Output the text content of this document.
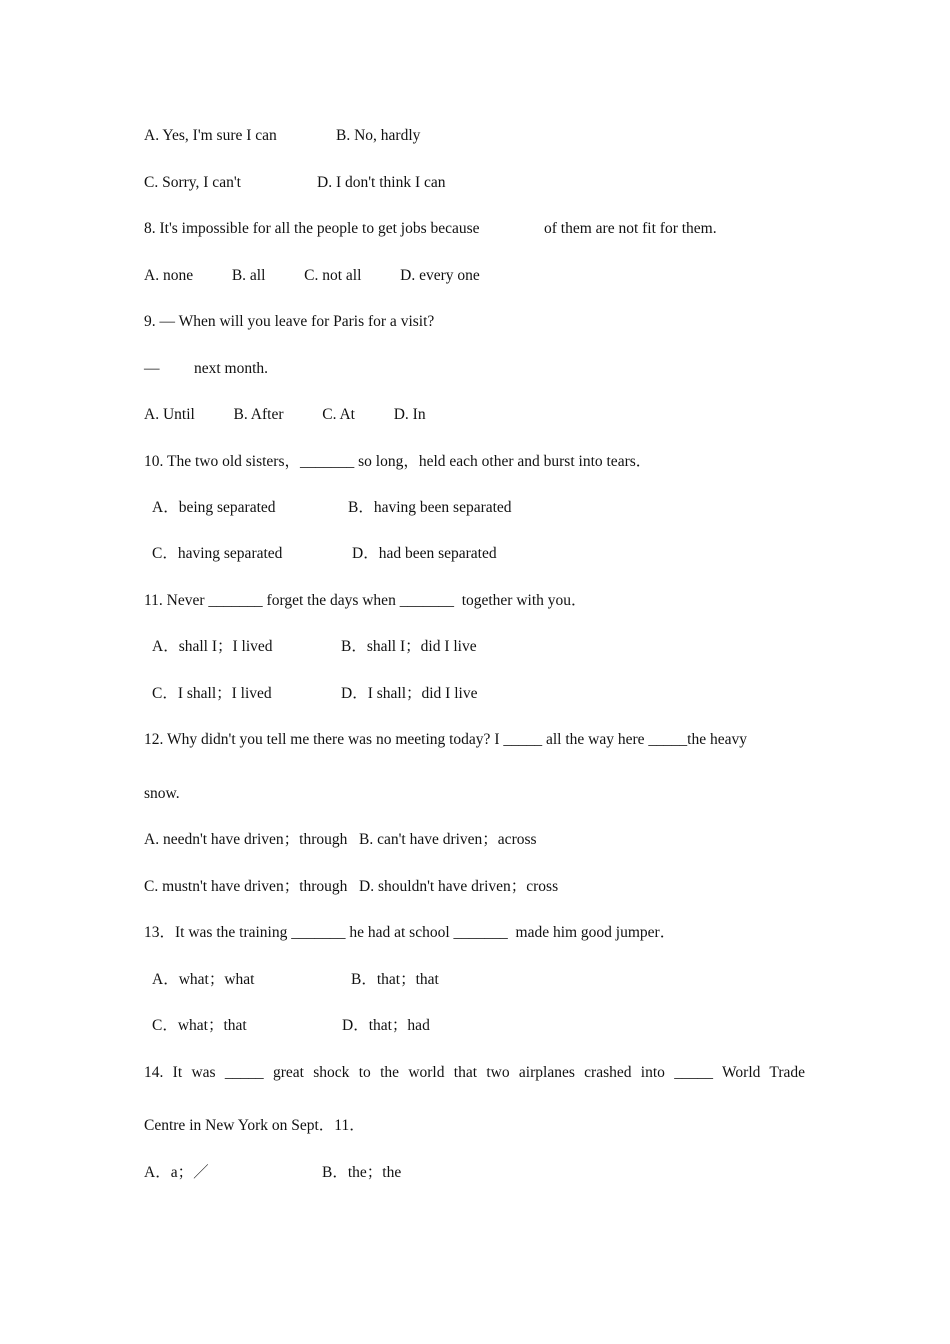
A. Yes, I'm sure I can	B. No, hardly
C. Sorry, I can't	D. I don't think I can
8. It's impossible for all the people to get jobs because	of them are not fit for them.
A. none          B. all          C. not all          D. every one
9. — When will you leave for Paris for a visit?
— next month.
A. Until          B. After          C. At          D. In
10. The two old sisters，_______ so long，held each other and burst into tears．
A．being separated	B．having been separated
C．having separated	D．had been separated
11. Never _______ forget the days when _______  together with you．
A．shall I；I lived	B．shall I；did I live
C．I shall；I lived	D．I shall；did I live
12. Why didn't you tell me there was no meeting today? I _____ all the way here _____the heavy
snow.
A. needn't have driven；through   B. can't have driven；across
C. mustn't have driven；through   D. shouldn't have driven；cross
13．It was the training _______ he had at school _______  made him good jumper．
A．what；what	B．that；that
C．what；that	D．that；had
14. It was _____ great shock to the world that two airplanes crashed into _____ World Trade
Centre in New York on Sept．11．
A．a；／	B．the；the
